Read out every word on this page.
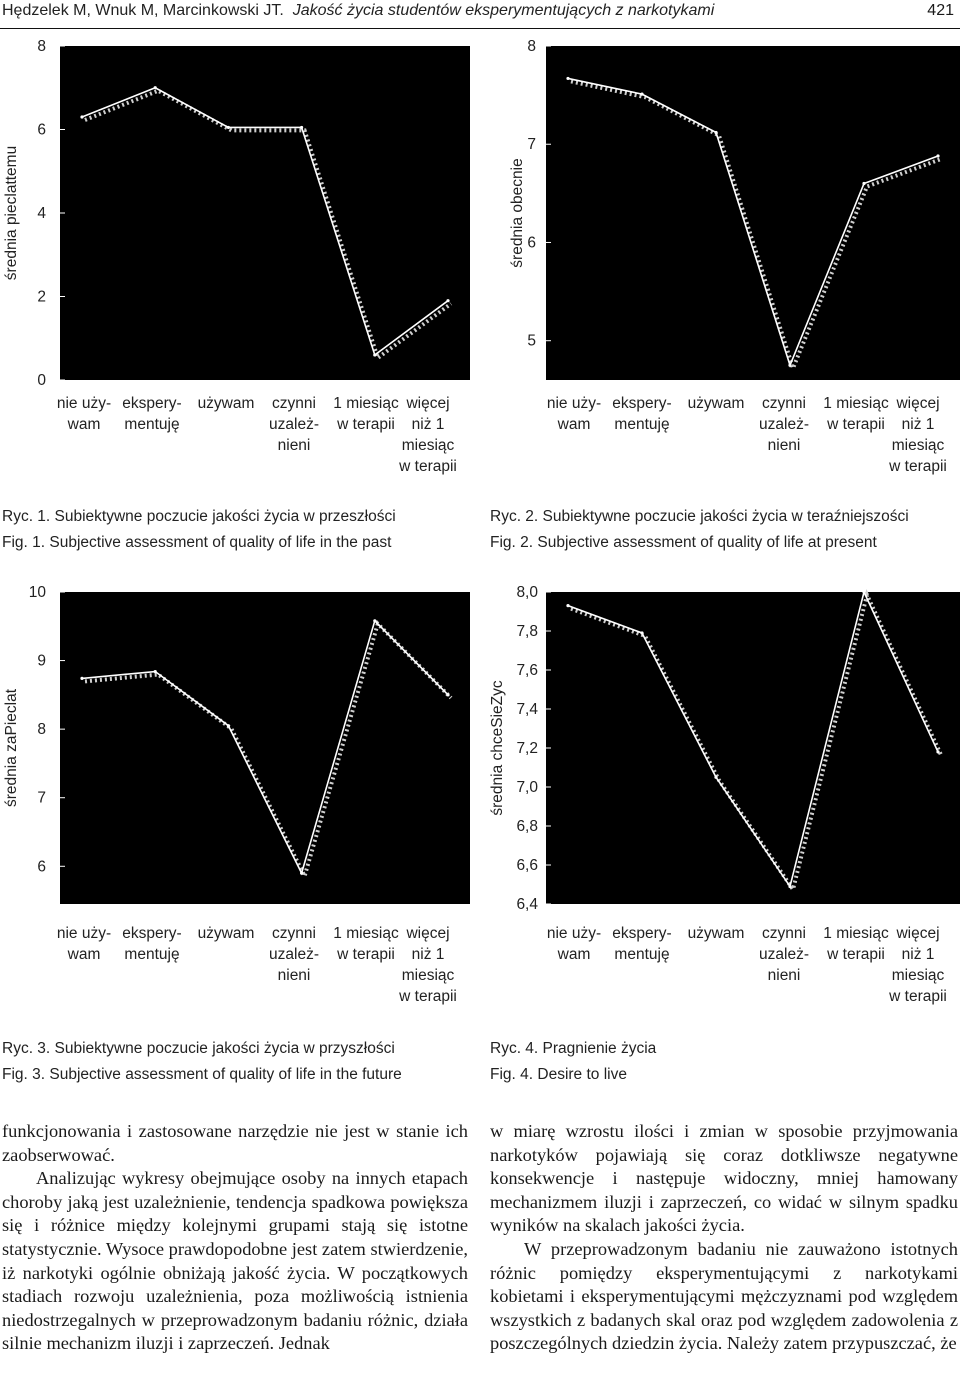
Hędzelek M, Wnuk M, Marcinkowski JT. Jakość życia studentów eksperymentujących z narkotykami	421
średnia pieclattemu
0
2
4
6
8
nie uży-wam
ekspery-mentuję
używam czynni uzależ-nieni
1 miesiąc w terapii
więcej niż 1 miesiąc w terapii
średnia obecnie
5
6
7
8
nie uży-wam
ekspery-mentuję
używam czynni uzależ-nieni
1 miesiąc w terapii
więcej niż 1 miesiąc w terapii
średnia zaPieclat
6
7
8
9
10
nie uży-wam
ekspery-mentuję
używam czynni uzależ-nieni
1 miesiąc w terapii
więcej niż 1 miesiąc w terapii
średnia chceSieZyc
6,4
6,6
6,8
7,0
7,2
7,4
7,6
7,8
8,0
nie uży-wam
ekspery-mentuję
używam czynni uzależ-nieni
1 miesiąc w terapii
więcej niż 1 miesiąc w terapii
Ryc. 1. Subiektywne poczucie jakości życia w przeszłości
Fig. 1. Subjective assessment of quality of life in the past
Ryc. 2. Subiektywne poczucie jakości życia w teraźniejszości
Fig. 2. Subjective assessment of quality of life at present
Ryc. 3. Subiektywne poczucie jakości życia w przyszłości
Fig. 3. Subjective assessment of quality of life in the future
Ryc. 4. Pragnienie życia
Fig. 4. Desire to live

funkcjonowania i zastosowane narzędzie nie jest w stanie ich zaobserwować.

Analizując wykresy obejmujące osoby na innych etapach choroby jaką jest uzależnienie, tendencja spadkowa powiększa się i różnice między kolejnymi grupami stają się istotne statystycznie. Wysoce prawdopodobne jest zatem stwierdzenie, iż narkotyki ogólnie obniżają jakość życia. W początkowych stadiach rozwoju uzależnienia, poza możliwością istnienia niedostrzegalnych w przeprowadzonym badaniu różnic, działa silnie mechanizm iluzji i zaprzeczeń. Jednak

w miarę wzrostu ilości i zmian w sposobie przyjmowania narkotyków pojawiają się coraz dotkliwsze negatywne konsekwencje i następuje widoczny, mniej hamowany mechanizmem iluzji i zaprzeczeń, co widać w silnym spadku wyników na skalach jakości życia.

W przeprowadzonym badaniu nie zauważono istotnych różnic pomiędzy eksperymentującymi z narkotykami kobietami i eksperymentującymi mężczyznami pod względem wszystkich z badanych skal oraz pod względem zadowolenia z poszczególnych dziedzin życia. Należy zatem przypuszczać, że
